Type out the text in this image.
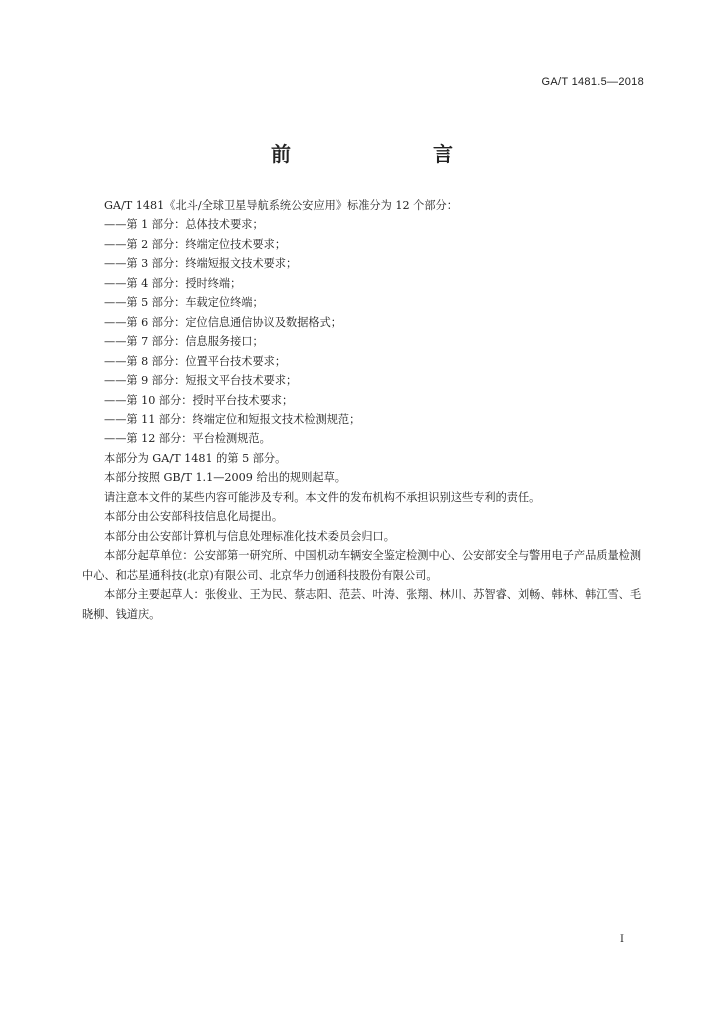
GA/T 1481.5—2018
前　　言

GA/T 1481《北斗/全球卫星导航系统公安应用》标准分为 12 个部分：

——第 1 部分：总体技术要求；

——第 2 部分：终端定位技术要求；

——第 3 部分：终端短报文技术要求；

——第 4 部分：授时终端；

——第 5 部分：车载定位终端；

——第 6 部分：定位信息通信协议及数据格式；

——第 7 部分：信息服务接口；

——第 8 部分：位置平台技术要求；

——第 9 部分：短报文平台技术要求；

——第 10 部分：授时平台技术要求；

——第 11 部分：终端定位和短报文技术检测规范；

——第 12 部分：平台检测规范。

本部分为 GA/T 1481 的第 5 部分。

本部分按照 GB/T 1.1—2009 给出的规则起草。

请注意本文件的某些内容可能涉及专利。本文件的发布机构不承担识别这些专利的责任。

本部分由公安部科技信息化局提出。

本部分由公安部计算机与信息处理标准化技术委员会归口。

本部分起草单位：公安部第一研究所、中国机动车辆安全鉴定检测中心、公安部安全与警用电子产品质量检测中心、和芯星通科技(北京)有限公司、北京华力创通科技股份有限公司。

本部分主要起草人：张俊业、王为民、蔡志阳、范芸、叶涛、张翔、林川、苏智睿、刘畅、韩林、韩江雪、毛晓柳、钱道庆。

I
